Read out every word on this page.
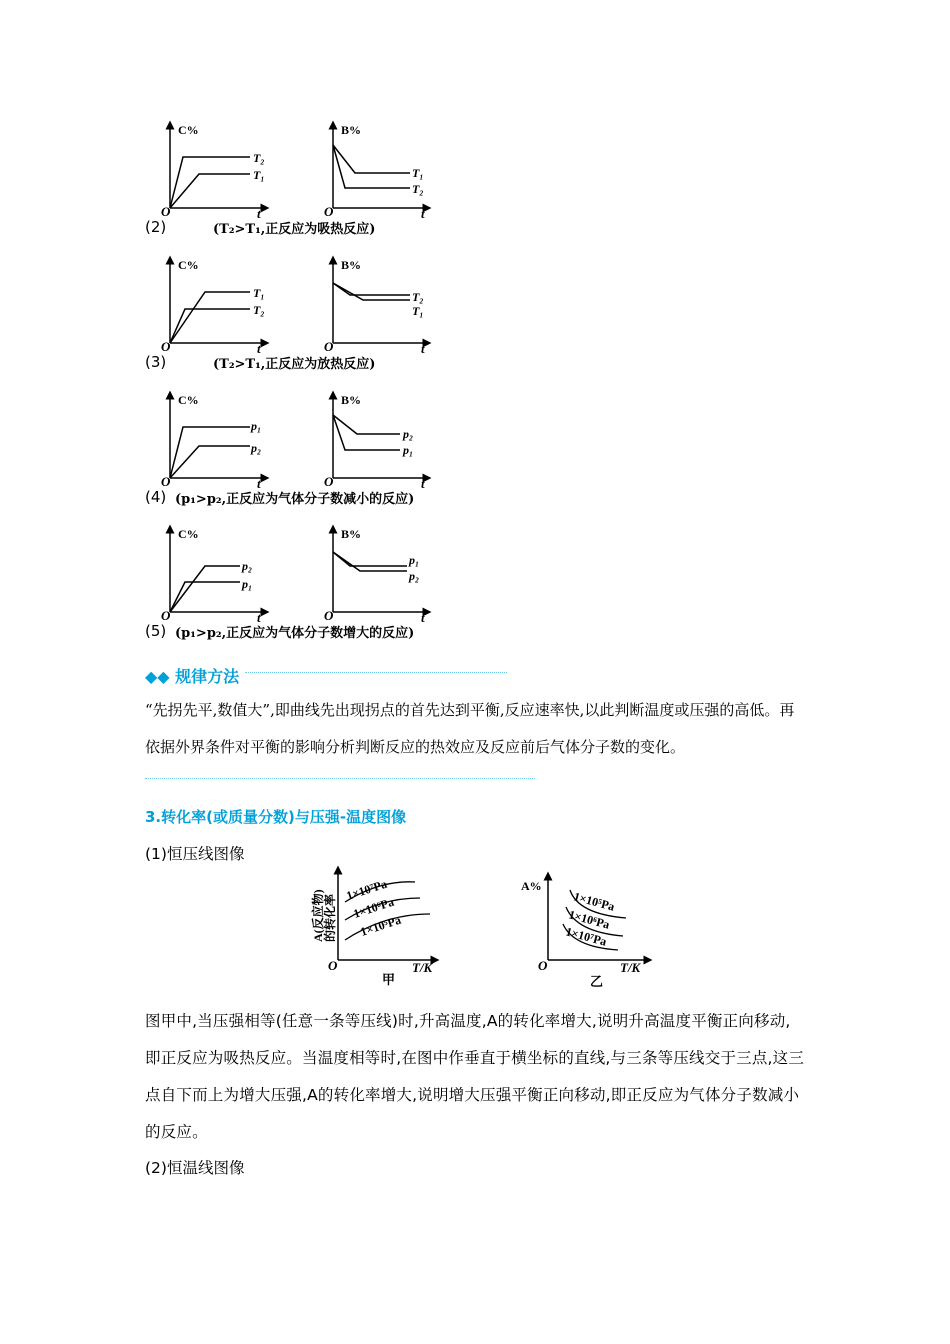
C%
O	t
T₂
T₁
B%
O	t
T₁
T₂
(2)	(T₂>T₁,正反应为吸热反应)
C%
O	t
T₁
T₂
B%
O	t
T₂
T₁
(3)	(T₂>T₁,正反应为放热反应)
C%
O	t
p₁
p₂
B%
O	t
p₂
p₁
(4) (p₁>p₂,正反应为气体分子数减小的反应)
C%
O	t
p₂
p₁
B%
O	t
p₁
p₂
(5) (p₁>p₂,正反应为气体分子数增大的反应)
◆◆ 规律方法
“先拐先平,数值大”,即曲线先出现拐点的首先达到平衡,反应速率快,以此判断温度或压强的高低。再依据外界条件对平衡的影响分析判断反应的热效应及反应前后气体分子数的变化。
3.转化率(或质量分数)与压强-温度图像
(1)恒压线图像
1×10⁷Pa
1×10⁶Pa
1×10⁵Pa
A(反应物)
的转化率
O	T/K
甲
1×10⁵Pa
1×10⁶Pa
1×10⁷Pa
A%
O	T/K
乙
图甲中,当压强相等(任意一条等压线)时,升高温度,A的转化率增大,说明升高温度平衡正向移动,即正反应为吸热反应。当温度相等时,在图中作垂直于横坐标的直线,与三条等压线交于三点,这三点自下而上为增大压强,A的转化率增大,说明增大压强平衡正向移动,即正反应为气体分子数减小的反应。
(2)恒温线图像
